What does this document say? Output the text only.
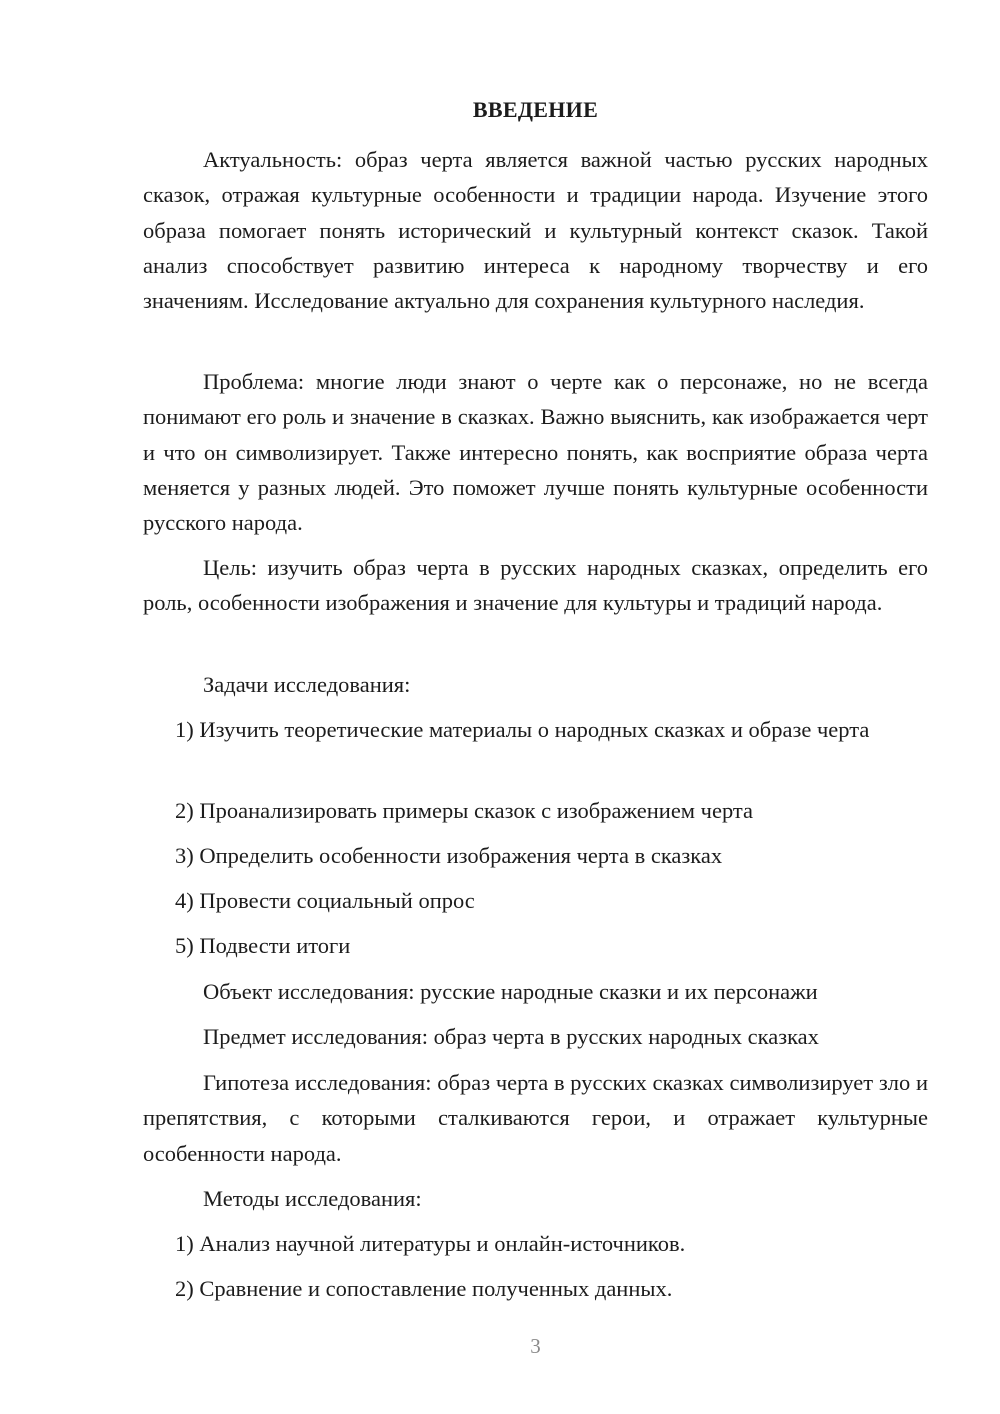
ВВЕДЕНИЕ

Актуальность: образ черта является важной частью русских народных сказок, отражая культурные особенности и традиции народа. Изучение этого образа помогает понять исторический и культурный контекст сказок. Такой анализ способствует развитию интереса к народному творчеству и его значениям. Исследование актуально для сохранения культурного наследия.

Проблема: многие люди знают о черте как о персонаже, но не всегда понимают его роль и значение в сказках. Важно выяснить, как изображается черт и что он символизирует. Также интересно понять, как восприятие образа черта меняется у разных людей. Это поможет лучше понять культурные особенности русского народа.

Цель: изучить образ черта в русских народных сказках, определить его роль, особенности изображения и значение для культуры и традиций народа.

Задачи исследования:

1) Изучить теоретические материалы о народных сказках и образе черта

2) Проанализировать примеры сказок с изображением черта

3) Определить особенности изображения черта в сказках

4) Провести социальный опрос

5) Подвести итоги

Объект исследования: русские народные сказки и их персонажи

Предмет исследования: образ черта в русских народных сказках

Гипотеза исследования: образ черта в русских сказках символизирует зло и препятствия, с которыми сталкиваются герои, и отражает культурные особенности народа.

Методы исследования:

1) Анализ научной литературы и онлайн-источников.

2) Сравнение и сопоставление полученных данных.

3
